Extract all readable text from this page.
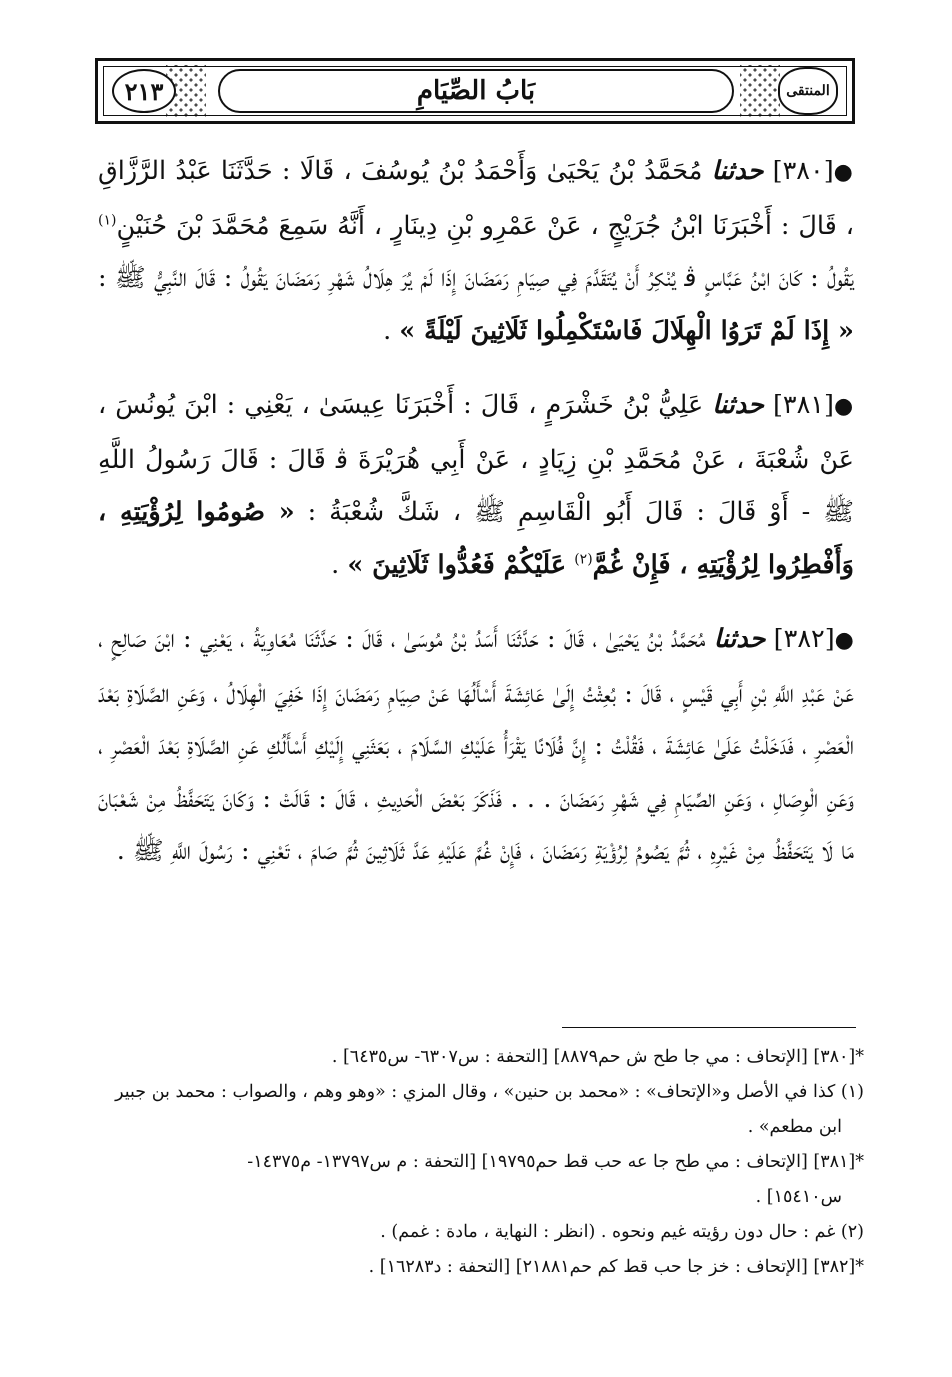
٢١٣	بَابُ الصِّيَامِ	المنتقى

●[٣٨٠] حدثنا مُحَمَّدُ بْنُ يَحْيَىٰ وَأَحْمَدُ بْنُ يُوسُفَ ، قَالَا : حَدَّثَنَا عَبْدُ الرَّزَّاقِ ، قَالَ : أَخْبَرَنَا ابْنُ جُرَيْجٍ ، عَنْ عَمْرِو بْنِ دِينَارٍ ، أَنَّهُ سَمِعَ مُحَمَّدَ بْنَ حُنَيْنٍ$^{(١)}$ يَقُولُ : كَانَ ابْنُ عَبَّاسٍ ﭬ يُنْكِرُ أَنْ يُتَقَدَّمَ فِي صِيَامِ رَمَضَانَ إِذَا لَمْ يُرَ هِلَالُ شَهْرِ رَمَضَانَ يَقُولُ : قَالَ النَّبِيُّ ﷺ : « إِذَا لَمْ تَرَوُا الْهِلَالَ فَاسْتَكْمِلُوا ثَلَاثِينَ لَيْلَةً » .

●[٣٨١] حدثنا عَلِيُّ بْنُ خَشْرَمٍ ، قَالَ : أَخْبَرَنَا عِيسَىٰ ، يَعْنِي : ابْنَ يُونُسَ ، عَنْ شُعْبَةَ ، عَنْ مُحَمَّدِ بْنِ زِيَادٍ ، عَنْ أَبِي هُرَيْرَةَ ﭬ قَالَ : قَالَ رَسُولُ اللَّهِ ﷺ - أَوْ قَالَ : قَالَ أَبُو الْقَاسِمِ ﷺ ، شَكَّ شُعْبَةُ : « صُومُوا لِرُؤْيَتِهِ ، وَأَفْطِرُوا لِرُؤْيَتِهِ ، فَإِنْ غُمَّ$^{(٢)}$ عَلَيْكُمْ فَعُدُّوا ثَلَاثِينَ » .

●[٣٨٢] حدثنا مُحَمَّدُ بْنُ يَحْيَىٰ ، قَالَ : حَدَّثَنَا أَسَدُ بْنُ مُوسَىٰ ، قَالَ : حَدَّثَنَا مُعَاوِيَةُ ، يَعْنِي : ابْنَ صَالِحٍ ، عَنْ عَبْدِ اللَّهِ بْنِ أَبِي قَيْسٍ ، قَالَ : بُعِثْتُ إِلَىٰ عَائِشَةَ أَسْأَلُهَا عَنْ صِيَامِ رَمَضَانَ إِذَا خَفِيَ الْهِلَالُ ، وَعَنِ الصَّلَاةِ بَعْدَ الْعَصْرِ ، فَدَخَلْتُ عَلَىٰ عَائِشَةَ ، فَقُلْتُ : إِنَّ فُلَانًا يَقْرَأُ عَلَيْكِ السَّلَامَ ، بَعَثَنِي إِلَيْكِ أَسْأَلُكِ عَنِ الصَّلَاةِ بَعْدَ الْعَصْرِ ، وَعَنِ الْوِصَالِ ، وَعَنِ الصِّيَامِ فِي شَهْرِ رَمَضَانَ . . . فَذَكَرَ بَعْضَ الْحَدِيثِ ، قَالَ : قَالَتْ : وَكَانَ يَتَحَفَّظُ مِنْ شَعْبَانَ مَا لَا يَتَحَفَّظُ مِنْ غَيْرِهِ ، ثُمَّ يَصُومُ لِرُؤْيَةِ رَمَضَانَ ، فَإِنْ غُمَّ عَلَيْهِ عَدَّ ثَلَاثِينَ ثُمَّ صَامَ ، تَعْنِي : رَسُولَ اللَّهِ ﷺ .

*[٣٨٠] [الإتحاف : مي جا طح ش حم٨٨٧٩] [التحفة : س٦٣٠٧- س٦٤٣٥] .
(١) كذا في الأصل و«الإتحاف» : «محمد بن حنين» ، وقال المزي : «وهو وهم ، والصواب : محمد بن جبير
ابن مطعم» .
*[٣٨١] [الإتحاف : مي طح جا عه حب قط حم١٩٧٩٥] [التحفة : م س١٣٧٩٧- م١٤٣٧٥-
س١٥٤١٠] .
(٢) غم : حال دون رؤيته غيم ونحوه . (انظر : النهاية ، مادة : غمم) .
*[٣٨٢] [الإتحاف : خز جا حب قط كم حم٢١٨٨١] [التحفة : د١٦٢٨٣] .
